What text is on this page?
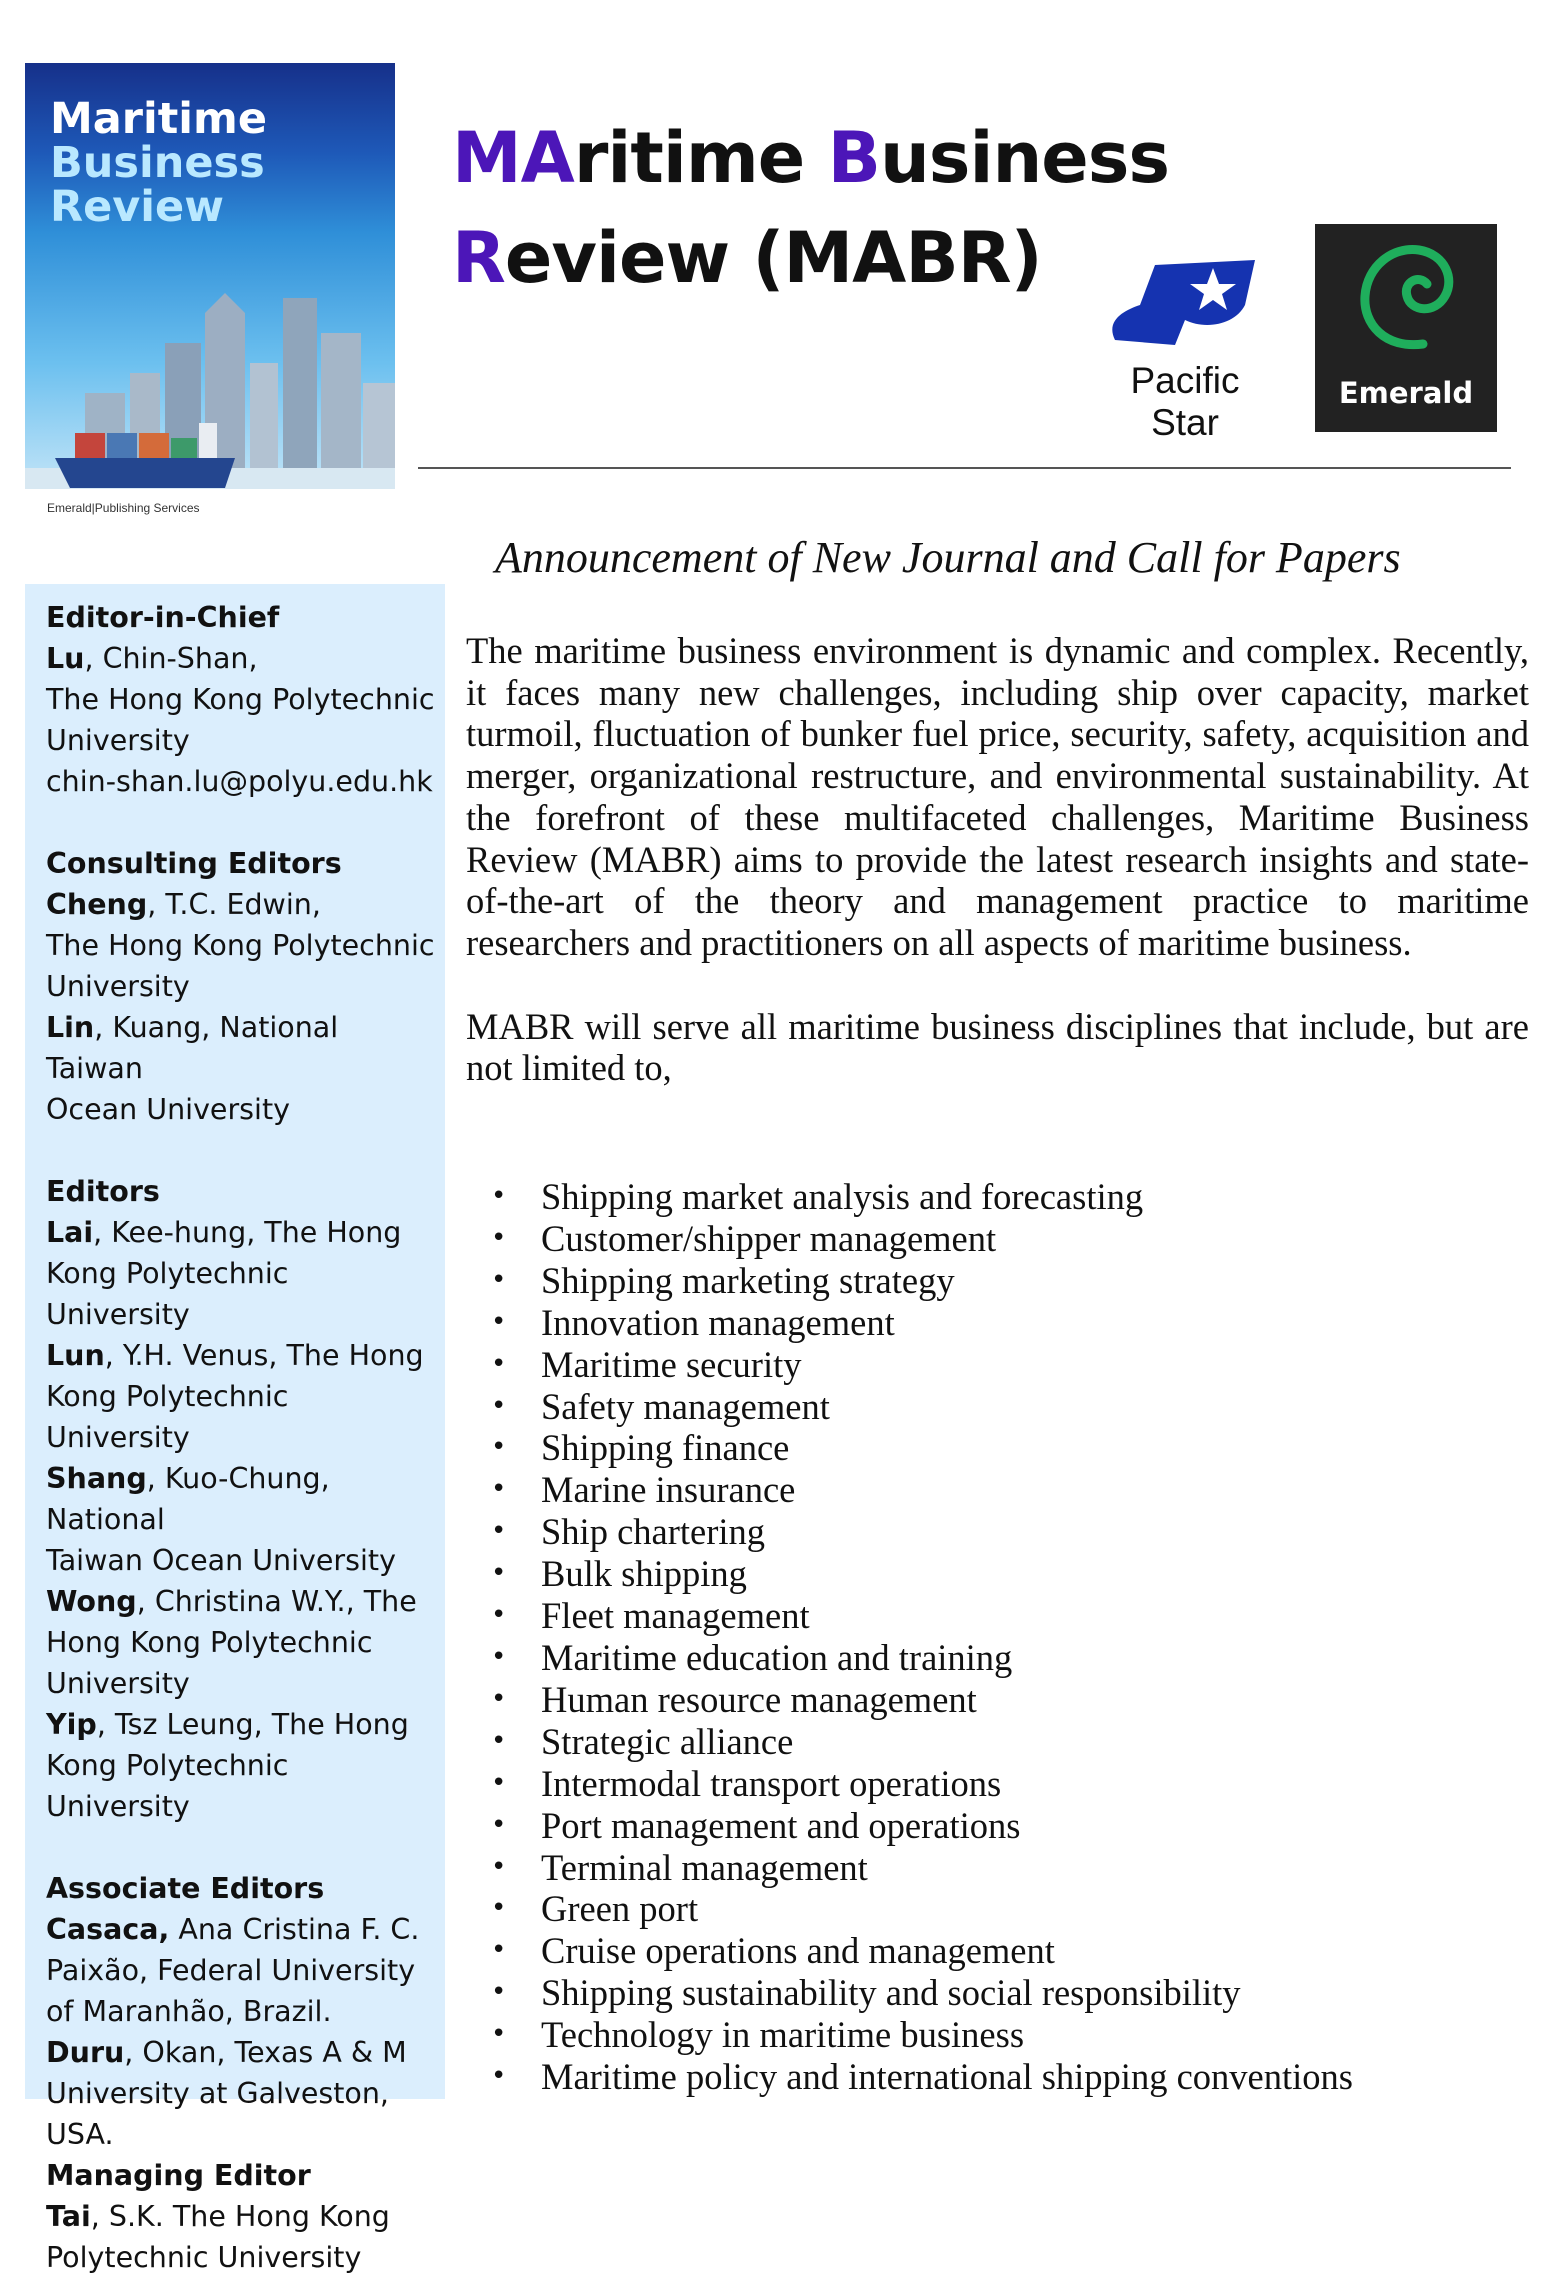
Maritime
Business
Review
Emerald|Publishing Services
MAritime Business
Review (MABR)
Pacific Star
Emerald
Announcement of New Journal and Call for Papers
Editor-in-Chief
Lu, Chin-Shan,
The Hong Kong Polytechnic
University
chin-shan.lu@polyu.edu.hk
Consulting Editors
Cheng, T.C. Edwin,
The Hong Kong Polytechnic
University
Lin, Kuang, National Taiwan
Ocean University
Editors
Lai, Kee-hung, The Hong
Kong Polytechnic University
Lun, Y.H. Venus, The Hong
Kong Polytechnic University
Shang, Kuo-Chung, National
Taiwan Ocean University
Wong, Christina W.Y., The
Hong Kong Polytechnic
University
Yip, Tsz Leung, The Hong
Kong Polytechnic University
Associate Editors
Casaca, Ana Cristina F. C.
Paixão, Federal University
of Maranhão, Brazil.
Duru, Okan, Texas A & M
University at Galveston,
USA.
Managing Editor
Tai, S.K. The Hong Kong
Polytechnic University

The maritime business environment is dynamic and complex. Recently, it faces many new challenges, including ship over capacity, market turmoil, fluctuation of bunker fuel price, security, safety, acquisition and merger, organizational restructure, and environmental sustainability. At the forefront of these multifaceted challenges, Maritime Business Review (MABR) aims to provide the latest research insights and state-of-the-art of the theory and management practice to maritime researchers and practitioners on all aspects of maritime business.

MABR will serve all maritime business disciplines that include, but are not limited to,

• Shipping market analysis and forecasting
• Customer/shipper management
• Shipping marketing strategy
• Innovation management
• Maritime security
• Safety management
• Shipping finance
• Marine insurance
• Ship chartering
• Bulk shipping
• Fleet management
• Maritime education and training
• Human resource management
• Strategic alliance
• Intermodal transport operations
• Port management and operations
• Terminal management
• Green port
• Cruise operations and management
• Shipping sustainability and social responsibility
• Technology in maritime business
• Maritime policy and international shipping conventions
